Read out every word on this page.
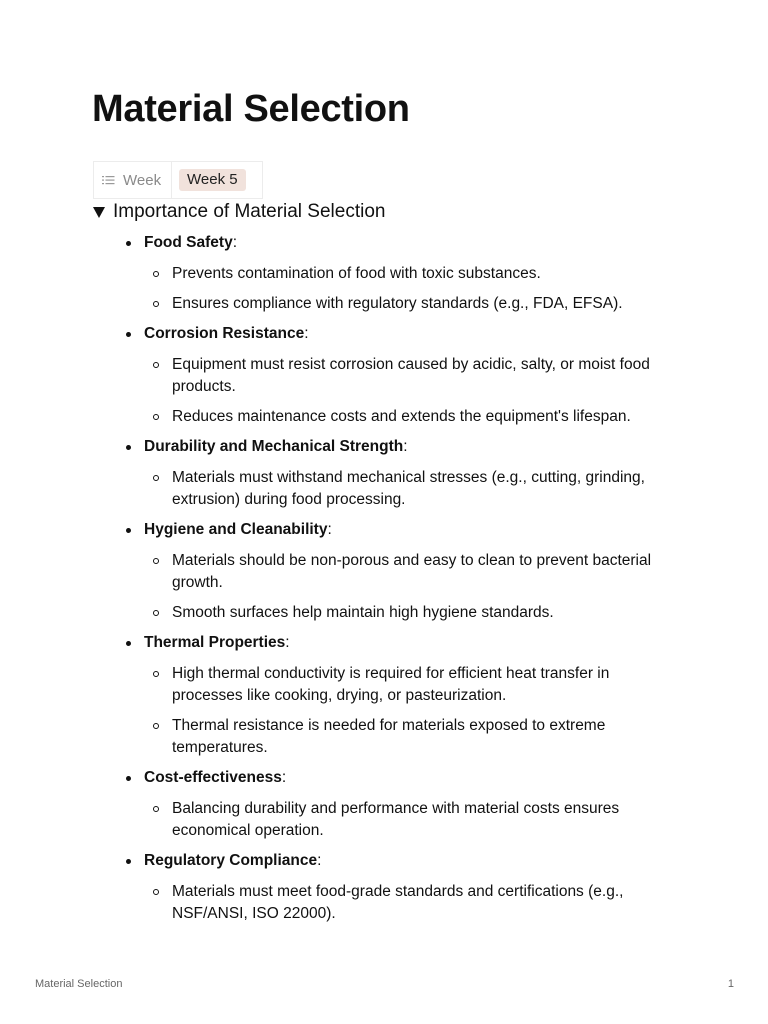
Material Selection
Week	Week 5
Importance of Material Selection
Food Safety:
Prevents contamination of food with toxic substances.
Ensures compliance with regulatory standards (e.g., FDA, EFSA).
Corrosion Resistance:
Equipment must resist corrosion caused by acidic, salty, or moist food products.
Reduces maintenance costs and extends the equipment's lifespan.
Durability and Mechanical Strength:
Materials must withstand mechanical stresses (e.g., cutting, grinding, extrusion) during food processing.
Hygiene and Cleanability:
Materials should be non-porous and easy to clean to prevent bacterial growth.
Smooth surfaces help maintain high hygiene standards.
Thermal Properties:
High thermal conductivity is required for efficient heat transfer in processes like cooking, drying, or pasteurization.
Thermal resistance is needed for materials exposed to extreme temperatures.
Cost-effectiveness:
Balancing durability and performance with material costs ensures economical operation.
Regulatory Compliance:
Materials must meet food-grade standards and certifications (e.g., NSF/ANSI, ISO 22000).
Material Selection	1
